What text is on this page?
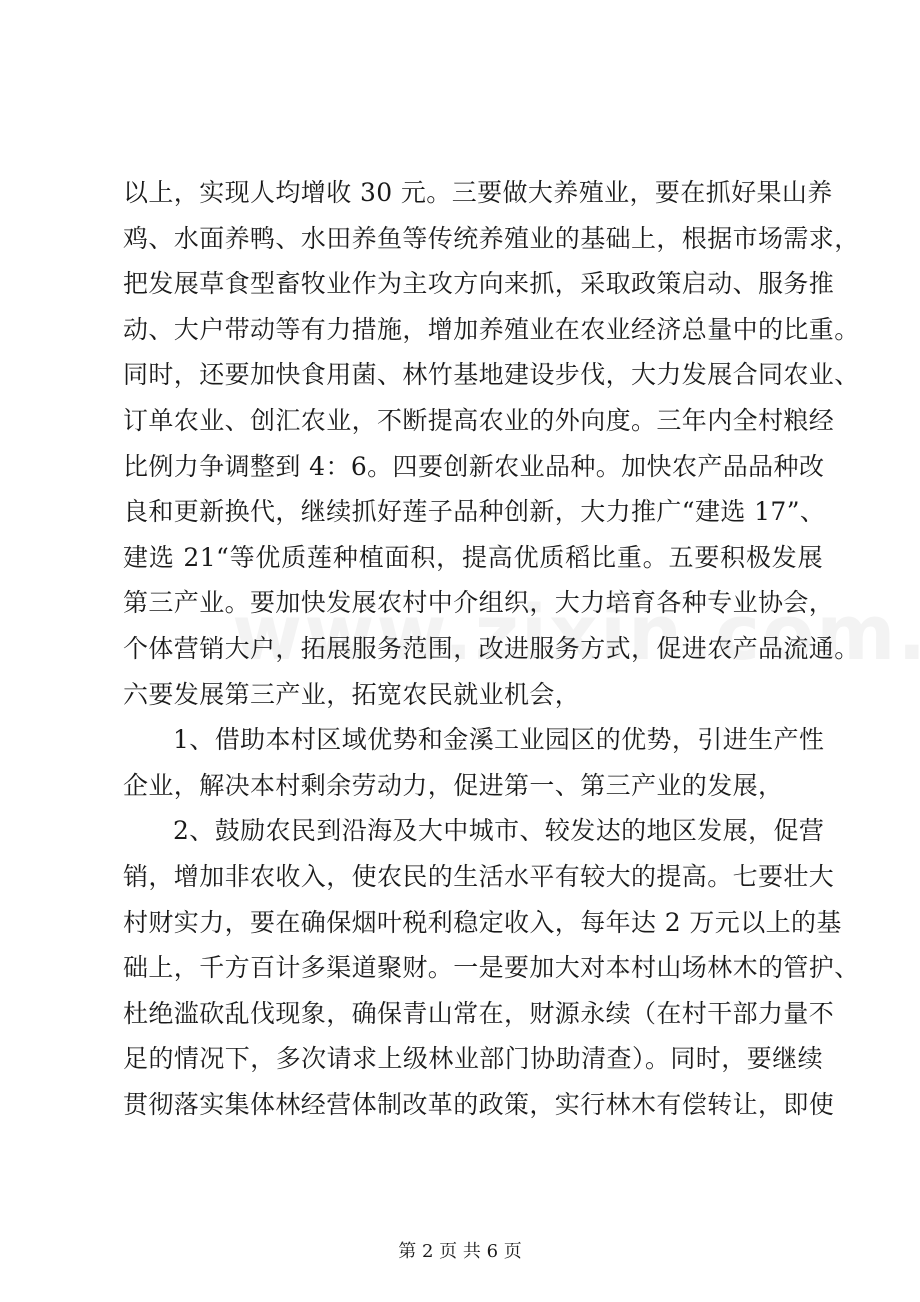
以上，实现人均增收 30 元。三要做大养殖业，要在抓好果山养
鸡、水面养鸭、水田养鱼等传统养殖业的基础上，根据市场需求，
把发展草食型畜牧业作为主攻方向来抓，采取政策启动、服务推
动、大户带动等有力措施，增加养殖业在农业经济总量中的比重。
同时，还要加快食用菌、林竹基地建设步伐，大力发展合同农业、
订单农业、创汇农业，不断提高农业的外向度。三年内全村粮经
比例力争调整到 4：6。四要创新农业品种。加快农产品品种改
良和更新换代，继续抓好莲子品种创新，大力推广“建选 17”、
建选 21“等优质莲种植面积，提高优质稻比重。五要积极发展
第三产业。要加快发展农村中介组织，大力培育各种专业协会，
个体营销大户，拓展服务范围，改进服务方式，促进农产品流通。
六要发展第三产业，拓宽农民就业机会，
1、借助本村区域优势和金溪工业园区的优势，引进生产性
企业，解决本村剩余劳动力，促进第一、第三产业的发展，
2、鼓励农民到沿海及大中城市、较发达的地区发展，促营
销，增加非农收入，使农民的生活水平有较大的提高。七要壮大
村财实力，要在确保烟叶税利稳定收入，每年达 2 万元以上的基
础上，千方百计多渠道聚财。一是要加大对本村山场林木的管护、
杜绝滥砍乱伐现象，确保青山常在，财源永续（在村干部力量不
足的情况下，多次请求上级林业部门协助清查）。同时，要继续
贯彻落实集体林经营体制改革的政策，实行林木有偿转让，即使
第 2 页 共 6 页
